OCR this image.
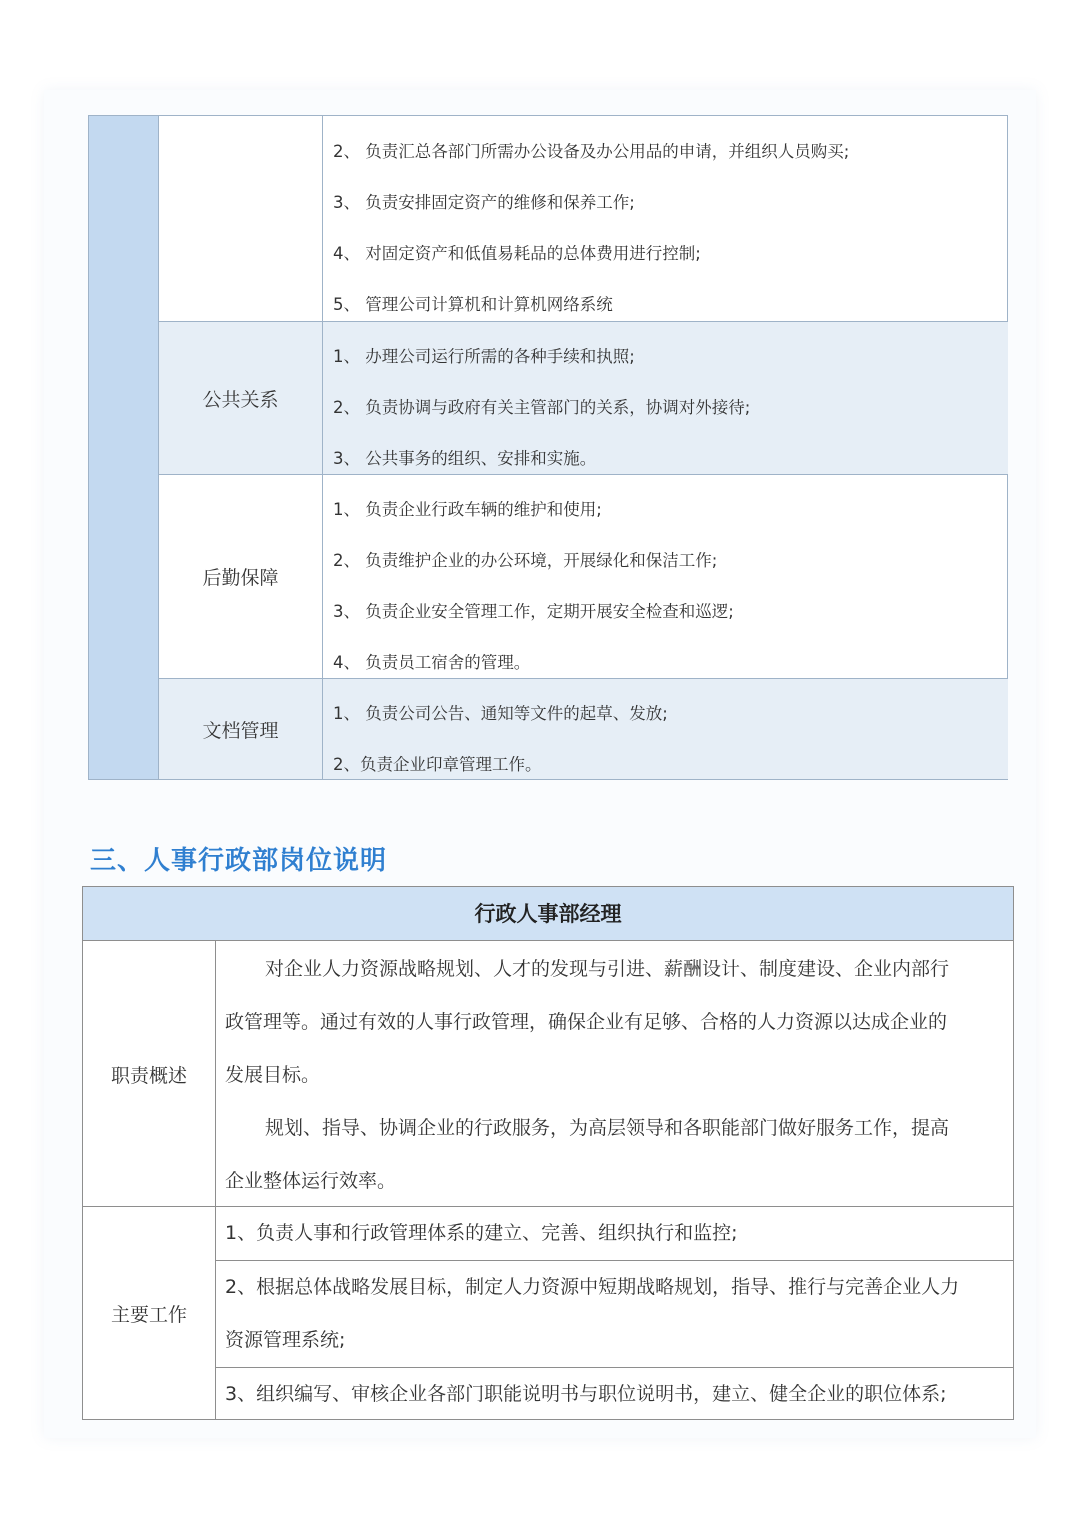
2、 负责汇总各部门所需办公设备及办公用品的申请，并组织人员购买;
3、 负责安排固定资产的维修和保养工作;
4、 对固定资产和低值易耗品的总体费用进行控制;
5、 管理公司计算机和计算机网络系统
公共关系
1、 办理公司运行所需的各种手续和执照;
2、 负责协调与政府有关主管部门的关系，协调对外接待;
3、 公共事务的组织、安排和实施。
后勤保障
1、 负责企业行政车辆的维护和使用;
2、 负责维护企业的办公环境，开展绿化和保洁工作;
3、 负责企业安全管理工作，定期开展安全检查和巡逻;
4、 负责员工宿舍的管理。
文档管理
1、 负责公司公告、通知等文件的起草、发放;
2、负责企业印章管理工作。
三、人事行政部岗位说明
行政人事部经理
职责概述
对企业人力资源战略规划、人才的发现与引进、薪酬设计、制度建设、企业内部行
政管理等。通过有效的人事行政管理，确保企业有足够、合格的人力资源以达成企业的
发展目标。
规划、指导、协调企业的行政服务，为高层领导和各职能部门做好服务工作，提高
企业整体运行效率。
主要工作
1、负责人事和行政管理体系的建立、完善、组织执行和监控;
2、根据总体战略发展目标，制定人力资源中短期战略规划，指导、推行与完善企业人力
资源管理系统;
3、组织编写、审核企业各部门职能说明书与职位说明书，建立、健全企业的职位体系;
